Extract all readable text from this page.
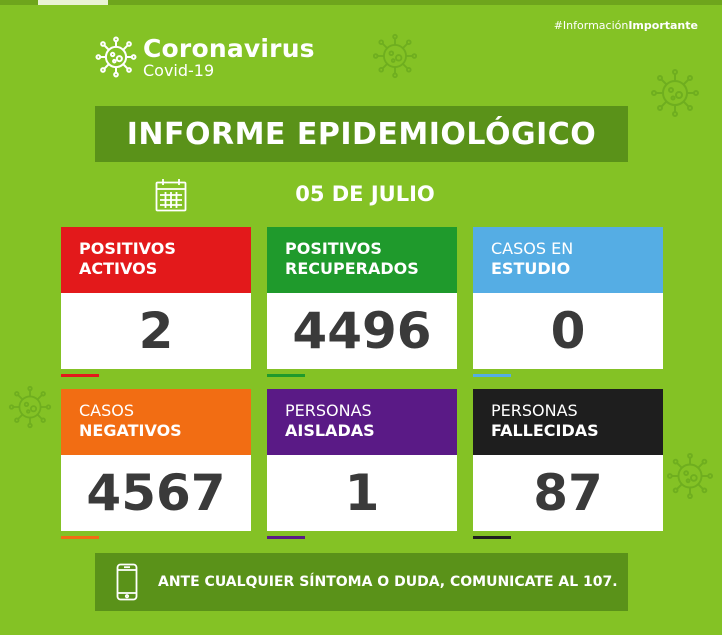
#InformaciónImportante
Coronavirus
Covid-19
INFORME EPIDEMIOLÓGICO
05 DE JULIO
POSITIVOS
ACTIVOS
2
POSITIVOS
RECUPERADOS
4496
CASOS EN
ESTUDIO
0
CASOS
NEGATIVOS
4567
PERSONAS
AISLADAS
1
PERSONAS
FALLECIDAS
87
ANTE CUALQUIER SÍNTOMA O DUDA, COMUNICATE AL 107.
